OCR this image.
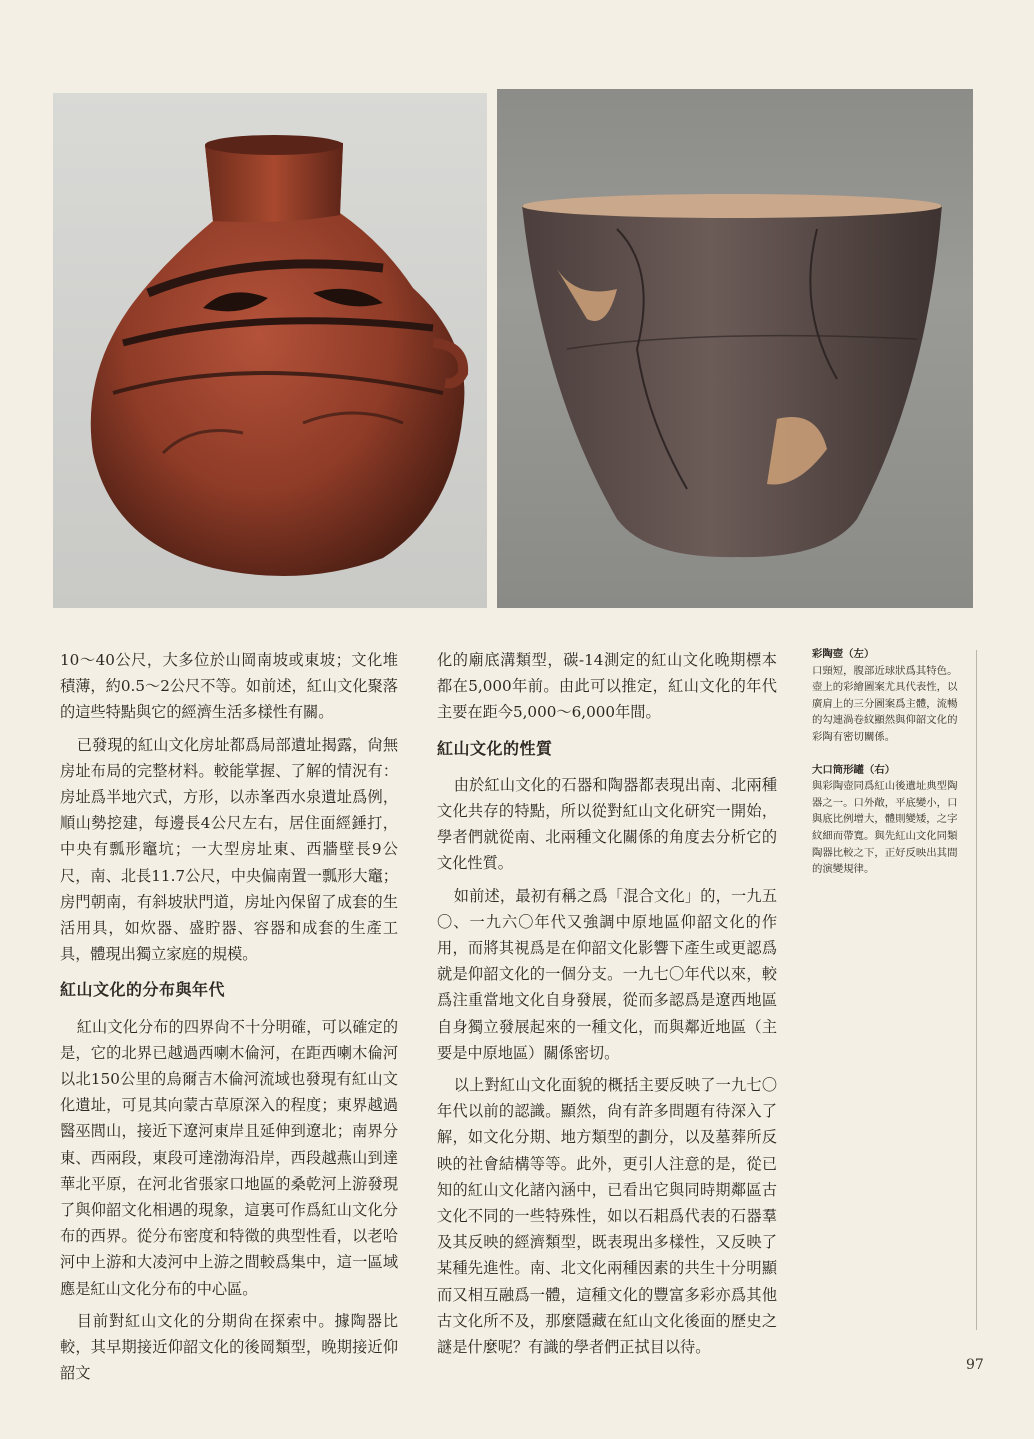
10～40公尺，大多位於山岡南坡或東坡；文化堆積薄，約0.5～2公尺不等。如前述，紅山文化聚落的這些特點與它的經濟生活多樣性有關。

已發現的紅山文化房址都爲局部遺址揭露，尙無房址布局的完整材料。較能掌握、了解的情況有：房址爲半地穴式，方形，以赤峯西水泉遺址爲例，順山勢挖建，每邊長4公尺左右，居住面經錘打，中央有瓢形竈坑；一大型房址東、西牆壁長9公尺，南、北長11.7公尺，中央偏南置一瓢形大竈；房門朝南，有斜坡狀門道，房址內保留了成套的生活用具，如炊器、盛貯器、容器和成套的生產工具，體現出獨立家庭的規模。

紅山文化的分布與年代

紅山文化分布的四界尙不十分明確，可以確定的是，它的北界已越過西喇木倫河，在距西喇木倫河以北150公里的烏爾吉木倫河流域也發現有紅山文化遺址，可見其向蒙古草原深入的程度；東界越過醫巫閭山，接近下遼河東岸且延伸到遼北；南界分東、西兩段，東段可達渤海沿岸，西段越燕山到達華北平原，在河北省張家口地區的桑乾河上游發現了與仰韶文化相遇的現象，這裏可作爲紅山文化分布的西界。從分布密度和特徵的典型性看，以老哈河中上游和大凌河中上游之間較爲集中，這一區域應是紅山文化分布的中心區。

目前對紅山文化的分期尙在探索中。據陶器比較，其早期接近仰韶文化的後岡類型，晚期接近仰韶文

化的廟底溝類型，碳-14測定的紅山文化晚期標本都在5,000年前。由此可以推定，紅山文化的年代主要在距今5,000～6,000年間。

紅山文化的性質

由於紅山文化的石器和陶器都表現出南、北兩種文化共存的特點，所以從對紅山文化研究一開始，學者們就從南、北兩種文化關係的角度去分析它的文化性質。

如前述，最初有稱之爲「混合文化」的，一九五〇、一九六〇年代又強調中原地區仰韶文化的作用，而將其視爲是在仰韶文化影響下產生或更認爲就是仰韶文化的一個分支。一九七〇年代以來，較爲注重當地文化自身發展，從而多認爲是遼西地區自身獨立發展起來的一種文化，而與鄰近地區（主要是中原地區）關係密切。

以上對紅山文化面貌的概括主要反映了一九七〇年代以前的認識。顯然，尙有許多問題有待深入了解，如文化分期、地方類型的劃分，以及墓葬所反映的社會結構等等。此外，更引人注意的是，從已知的紅山文化諸內涵中，已看出它與同時期鄰區古文化不同的一些特殊性，如以石耜爲代表的石器羣及其反映的經濟類型，既表現出多樣性，又反映了某種先進性。南、北文化兩種因素的共生十分明顯而又相互融爲一體，這種文化的豐富多彩亦爲其他古文化所不及，那麼隱藏在紅山文化後面的歷史之謎是什麼呢？有識的學者們正拭目以待。

彩陶壺（左）
口頸短，腹部近球狀爲其特色。壺上的彩繪圖案尤具代表性，以廣肩上的三分圖案爲主體，流暢的勾連渦卷紋顯然與仰韶文化的彩陶有密切關係。
大口筒形罐（右）
與彩陶壺同爲紅山後遺址典型陶器之一。口外敞，平底變小，口與底比例增大，體則變矮，之字紋細而帶寬。與先紅山文化同類陶器比較之下，正好反映出其間的演變規律。
97
